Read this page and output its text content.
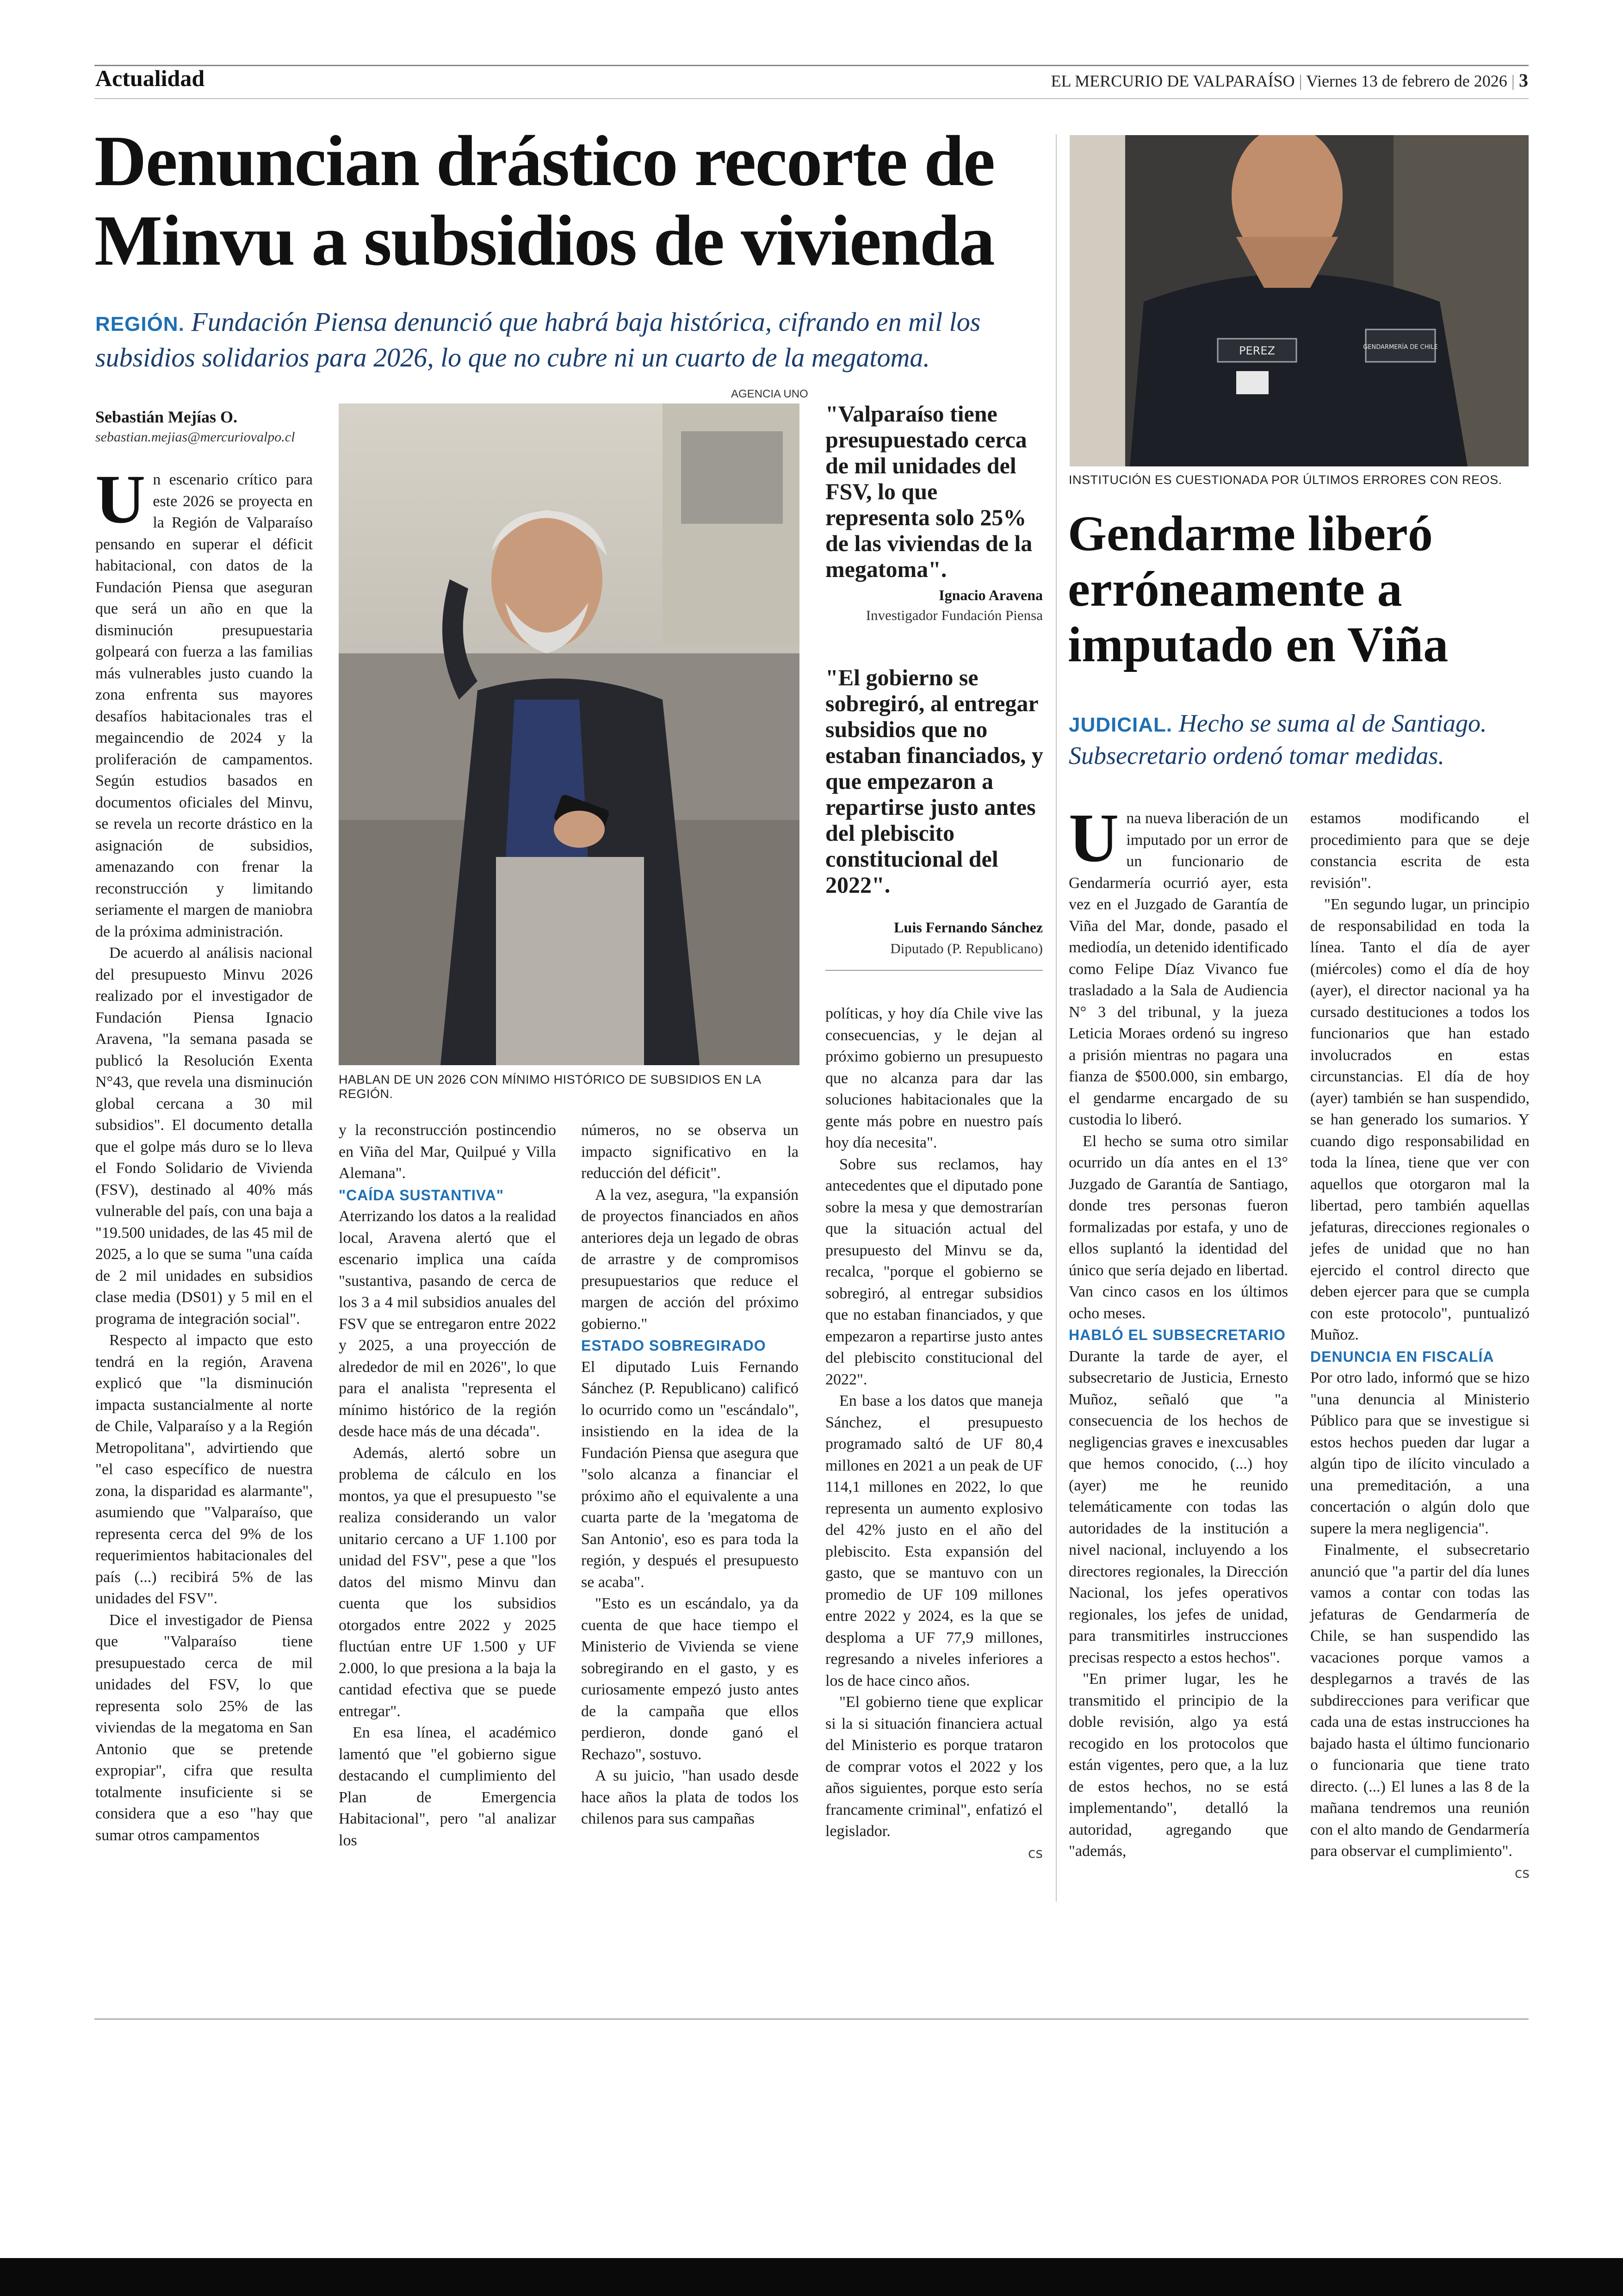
Actualidad	EL MERCURIO DE VALPARAÍSO | Viernes 13 de febrero de 2026 | 3
Denuncian drástico recorte de Minvu a subsidios de vivienda
REGIÓN. Fundación Piensa denunció que habrá baja histórica, cifrando en mil los subsidios solidarios para 2026, lo que no cubre ni un cuarto de la megatoma.
Sebastián Mejías O.
sebastian.mejias@mercuriovalpo.cl
AGENCIA UNO
HABLAN DE UN 2026 CON MÍNIMO HISTÓRICO DE SUBSIDIOS EN LA REGIÓN.

Un escenario crítico para este 2026 se proyecta en la Región de Valparaíso pensando en superar el déficit habitacional, con datos de la Fundación Piensa que aseguran que será un año en que la disminución presupuestaria golpeará con fuerza a las familias más vulnerables justo cuando la zona enfrenta sus mayores desafíos habitacionales tras el megaincendio de 2024 y la proliferación de campamentos. Según estudios basados en documentos oficiales del Minvu, se revela un recorte drástico en la asignación de subsidios, amenazando con frenar la reconstrucción y limitando seriamente el margen de maniobra de la próxima administración.

De acuerdo al análisis nacional del presupuesto Minvu 2026 realizado por el investigador de Fundación Piensa Ignacio Aravena, "la semana pasada se publicó la Resolución Exenta N°43, que revela una disminución global cercana a 30 mil subsidios". El documento detalla que el golpe más duro se lo lleva el Fondo Solidario de Vivienda (FSV), destinado al 40% más vulnerable del país, con una baja a "19.500 unidades, de las 45 mil de 2025, a lo que se suma "una caída de 2 mil unidades en subsidios clase media (DS01) y 5 mil en el programa de integración social".

Respecto al impacto que esto tendrá en la región, Aravena explicó que "la disminución impacta sustancialmente al norte de Chile, Valparaíso y a la Región Metropolitana", advirtiendo que "el caso específico de nuestra zona, la disparidad es alarmante", asumiendo que "Valparaíso, que representa cerca del 9% de los requerimientos habitacionales del país (...) recibirá 5% de las unidades del FSV".

Dice el investigador de Piensa que "Valparaíso tiene presupuestado cerca de mil unidades del FSV, lo que representa solo 25% de las viviendas de la megatoma en San Antonio que se pretende expropiar", cifra que resulta totalmente insuficiente si se considera que a eso "hay que sumar otros campamentos

y la reconstrucción postincendio en Viña del Mar, Quilpué y Villa Alemana".

"CAÍDA SUSTANTIVA"

Aterrizando los datos a la realidad local, Aravena alertó que el escenario implica una caída "sustantiva, pasando de cerca de los 3 a 4 mil subsidios anuales del FSV que se entregaron entre 2022 y 2025, a una proyección de alrededor de mil en 2026", lo que para el analista "representa el mínimo histórico de la región desde hace más de una década".

Además, alertó sobre un problema de cálculo en los montos, ya que el presupuesto "se realiza considerando un valor unitario cercano a UF 1.100 por unidad del FSV", pese a que "los datos del mismo Minvu dan cuenta que los subsidios otorgados entre 2022 y 2025 fluctúan entre UF 1.500 y UF 2.000, lo que presiona a la baja la cantidad efectiva que se puede entregar".

En esa línea, el académico lamentó que "el gobierno sigue destacando el cumplimiento del Plan de Emergencia Habitacional", pero "al analizar los

números, no se observa un impacto significativo en la reducción del déficit".

A la vez, asegura, "la expansión de proyectos financiados en años anteriores deja un legado de obras de arrastre y de compromisos presupuestarios que reduce el margen de acción del próximo gobierno."

ESTADO SOBREGIRADO

El diputado Luis Fernando Sánchez (P. Republicano) calificó lo ocurrido como un "escándalo", insistiendo en la idea de la Fundación Piensa que asegura que "solo alcanza a financiar el próximo año el equivalente a una cuarta parte de la 'megatoma de San Antonio', eso es para toda la región, y después el presupuesto se acaba".

"Esto es un escándalo, ya da cuenta de que hace tiempo el Ministerio de Vivienda se viene sobregirando en el gasto, y es curiosamente empezó justo antes de la campaña que ellos perdieron, donde ganó el Rechazo", sostuvo.

A su juicio, "han usado desde hace años la plata de todos los chilenos para sus campañas

"Valparaíso tiene presupuestado cerca de mil unidades del FSV, lo que representa solo 25% de las viviendas de la megatoma".
Ignacio Aravena
Investigador Fundación Piensa
"El gobierno se sobregiró, al entregar subsidios que no estaban financiados, y que empezaron a repartirse justo antes del plebiscito constitucional del 2022".
Luis Fernando Sánchez
Diputado (P. Republicano)

políticas, y hoy día Chile vive las consecuencias, y le dejan al próximo gobierno un presupuesto que no alcanza para dar las soluciones habitacionales que la gente más pobre en nuestro país hoy día necesita".

Sobre sus reclamos, hay antecedentes que el diputado pone sobre la mesa y que demostrarían que la situación actual del presupuesto del Minvu se da, recalca, "porque el gobierno se sobregiró, al entregar subsidios que no estaban financiados, y que empezaron a repartirse justo antes del plebiscito constitucional del 2022".

En base a los datos que maneja Sánchez, el presupuesto programado saltó de UF 80,4 millones en 2021 a un peak de UF 114,1 millones en 2022, lo que representa un aumento explosivo del 42% justo en el año del plebiscito. Esta expansión del gasto, que se mantuvo con un promedio de UF 109 millones entre 2022 y 2024, es la que se desploma a UF 77,9 millones, regresando a niveles inferiores a los de hace cinco años.

"El gobierno tiene que explicar si la si situación financiera actual del Ministerio es porque trataron de comprar votos el 2022 y los años siguientes, porque esto sería francamente criminal", enfatizó el legislador.

cs

PEREZ	GENDARMERÍA DE CHILE
INSTITUCIÓN ES CUESTIONADA POR ÚLTIMOS ERRORES CON REOS.
Gendarme liberó erróneamente a imputado en Viña
JUDICIAL. Hecho se suma al de Santiago. Subsecretario ordenó tomar medidas.

Una nueva liberación de un imputado por un error de un funcionario de Gendarmería ocurrió ayer, esta vez en el Juzgado de Garantía de Viña del Mar, donde, pasado el mediodía, un detenido identificado como Felipe Díaz Vivanco fue trasladado a la Sala de Audiencia N° 3 del tribunal, y la jueza Leticia Moraes ordenó su ingreso a prisión mientras no pagara una fianza de $500.000, sin embargo, el gendarme encargado de su custodia lo liberó.

El hecho se suma otro similar ocurrido un día antes en el 13° Juzgado de Garantía de Santiago, donde tres personas fueron formalizadas por estafa, y uno de ellos suplantó la identidad del único que sería dejado en libertad. Van cinco casos en los últimos ocho meses.

HABLÓ EL SUBSECRETARIO

Durante la tarde de ayer, el subsecretario de Justicia, Ernesto Muñoz, señaló que "a consecuencia de los hechos de negligencias graves e inexcusables que hemos conocido, (...) hoy (ayer) me he reunido telemáticamente con todas las autoridades de la institución a nivel nacional, incluyendo a los directores regionales, la Dirección Nacional, los jefes operativos regionales, los jefes de unidad, para transmitirles instrucciones precisas respecto a estos hechos".

"En primer lugar, les he transmitido el principio de la doble revisión, algo ya está recogido en los protocolos que están vigentes, pero que, a la luz de estos hechos, no se está implementando", detalló la autoridad, agregando que "además,

estamos modificando el procedimiento para que se deje constancia escrita de esta revisión".

"En segundo lugar, un principio de responsabilidad en toda la línea. Tanto el día de ayer (miércoles) como el día de hoy (ayer), el director nacional ya ha cursado destituciones a todos los funcionarios que han estado involucrados en estas circunstancias. El día de hoy (ayer) también se han suspendido, se han generado los sumarios. Y cuando digo responsabilidad en toda la línea, tiene que ver con aquellos que otorgaron mal la libertad, pero también aquellas jefaturas, direcciones regionales o jefes de unidad que no han ejercido el control directo que deben ejercer para que se cumpla con este protocolo", puntualizó Muñoz.

DENUNCIA EN FISCALÍA

Por otro lado, informó que se hizo "una denuncia al Ministerio Público para que se investigue si estos hechos pueden dar lugar a algún tipo de ilícito vinculado a una premeditación, a una concertación o algún dolo que supere la mera negligencia".

Finalmente, el subsecretario anunció que "a partir del día lunes vamos a contar con todas las jefaturas de Gendarmería de Chile, se han suspendido las vacaciones porque vamos a desplegarnos a través de las subdirecciones para verificar que cada una de estas instrucciones ha bajado hasta el último funcionario o funcionaria que tiene trato directo. (...) El lunes a las 8 de la mañana tendremos una reunión con el alto mando de Gendarmería para observar el cumplimiento".

cs
